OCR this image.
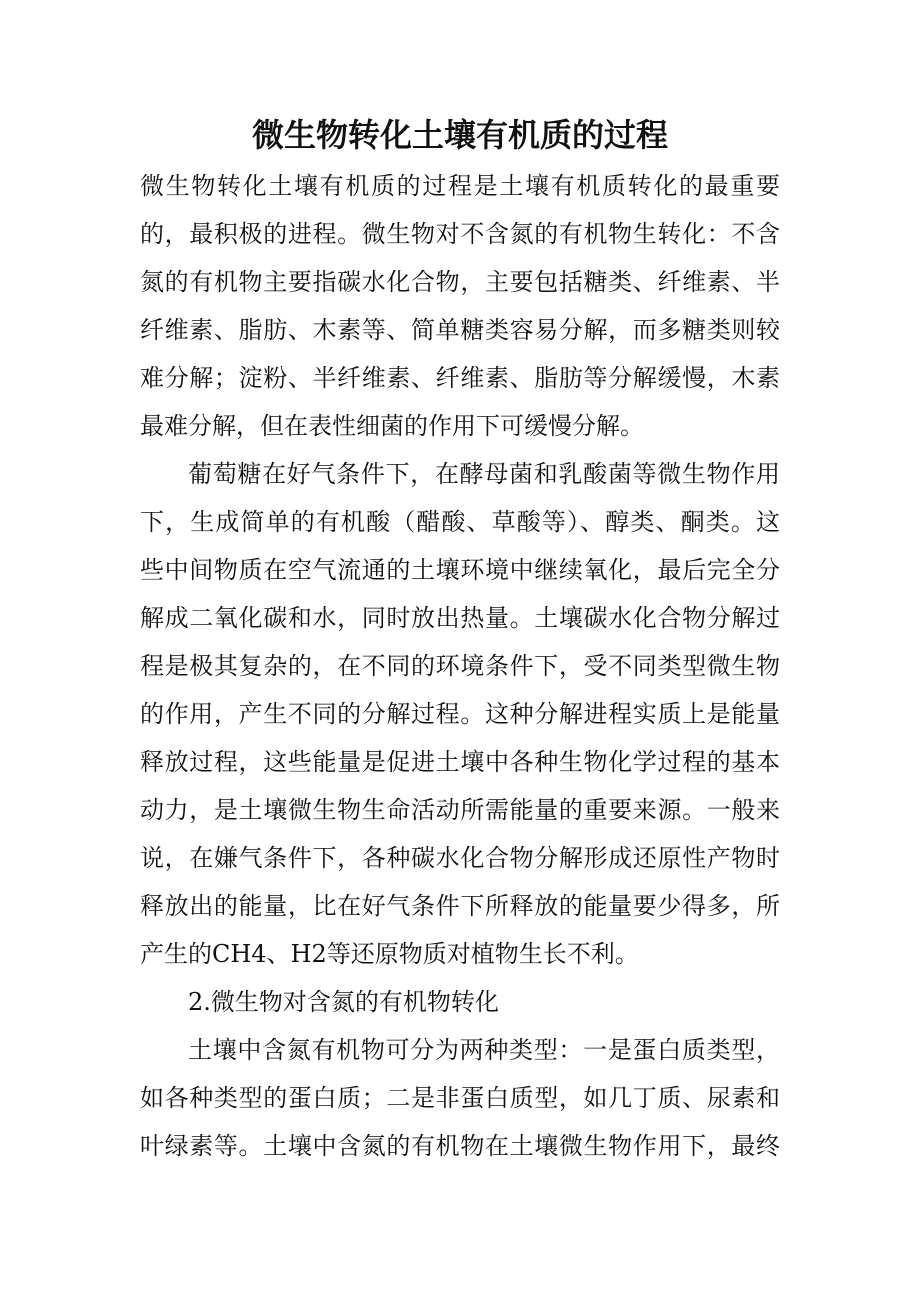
微生物转化土壤有机质的过程
微生物转化土壤有机质的过程是土壤有机质转化的最重要
的，最积极的进程。微生物对不含氮的有机物生转化：不含
氮的有机物主要指碳水化合物，主要包括糖类、纤维素、半
纤维素、脂肪、木素等、简单糖类容易分解，而多糖类则较
难分解；淀粉、半纤维素、纤维素、脂肪等分解缓慢，木素
最难分解，但在表性细菌的作用下可缓慢分解。
葡萄糖在好气条件下，在酵母菌和乳酸菌等微生物作用
下，生成简单的有机酸（醋酸、草酸等）、醇类、酮类。这
些中间物质在空气流通的土壤环境中继续氧化，最后完全分
解成二氧化碳和水，同时放出热量。土壤碳水化合物分解过
程是极其复杂的，在不同的环境条件下，受不同类型微生物
的作用，产生不同的分解过程。这种分解进程实质上是能量
释放过程，这些能量是促进土壤中各种生物化学过程的基本
动力，是土壤微生物生命活动所需能量的重要来源。一般来
说，在嫌气条件下，各种碳水化合物分解形成还原性产物时
释放出的能量，比在好气条件下所释放的能量要少得多，所
产生的CH4、H2等还原物质对植物生长不利。
2.微生物对含氮的有机物转化
土壤中含氮有机物可分为两种类型：一是蛋白质类型，
如各种类型的蛋白质；二是非蛋白质型，如几丁质、尿素和
叶绿素等。土壤中含氮的有机物在土壤微生物作用下，最终
